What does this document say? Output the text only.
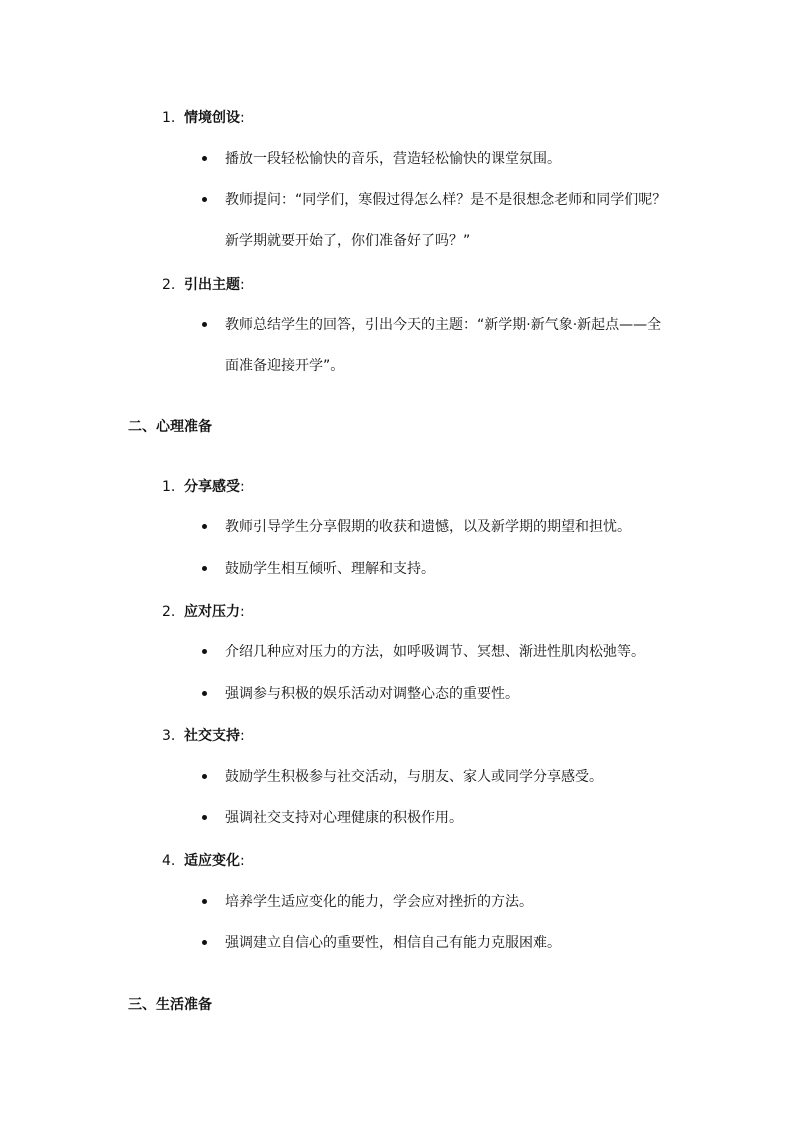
1. 情境创设:
播放一段轻松愉快的音乐，营造轻松愉快的课堂氛围。
教师提问：“同学们，寒假过得怎么样？是不是很想念老师和同学们呢？新学期就要开始了，你们准备好了吗？”
2. 引出主题:
教师总结学生的回答，引出今天的主题：“新学期·新气象·新起点——全面准备迎接开学”。
二、心理准备
1. 分享感受:
教师引导学生分享假期的收获和遗憾，以及新学期的期望和担忧。
鼓励学生相互倾听、理解和支持。
2. 应对压力:
介绍几种应对压力的方法，如呼吸调节、冥想、渐进性肌肉松弛等。
强调参与积极的娱乐活动对调整心态的重要性。
3. 社交支持:
鼓励学生积极参与社交活动，与朋友、家人或同学分享感受。
强调社交支持对心理健康的积极作用。
4. 适应变化:
培养学生适应变化的能力，学会应对挫折的方法。
强调建立自信心的重要性，相信自己有能力克服困难。
三、生活准备
